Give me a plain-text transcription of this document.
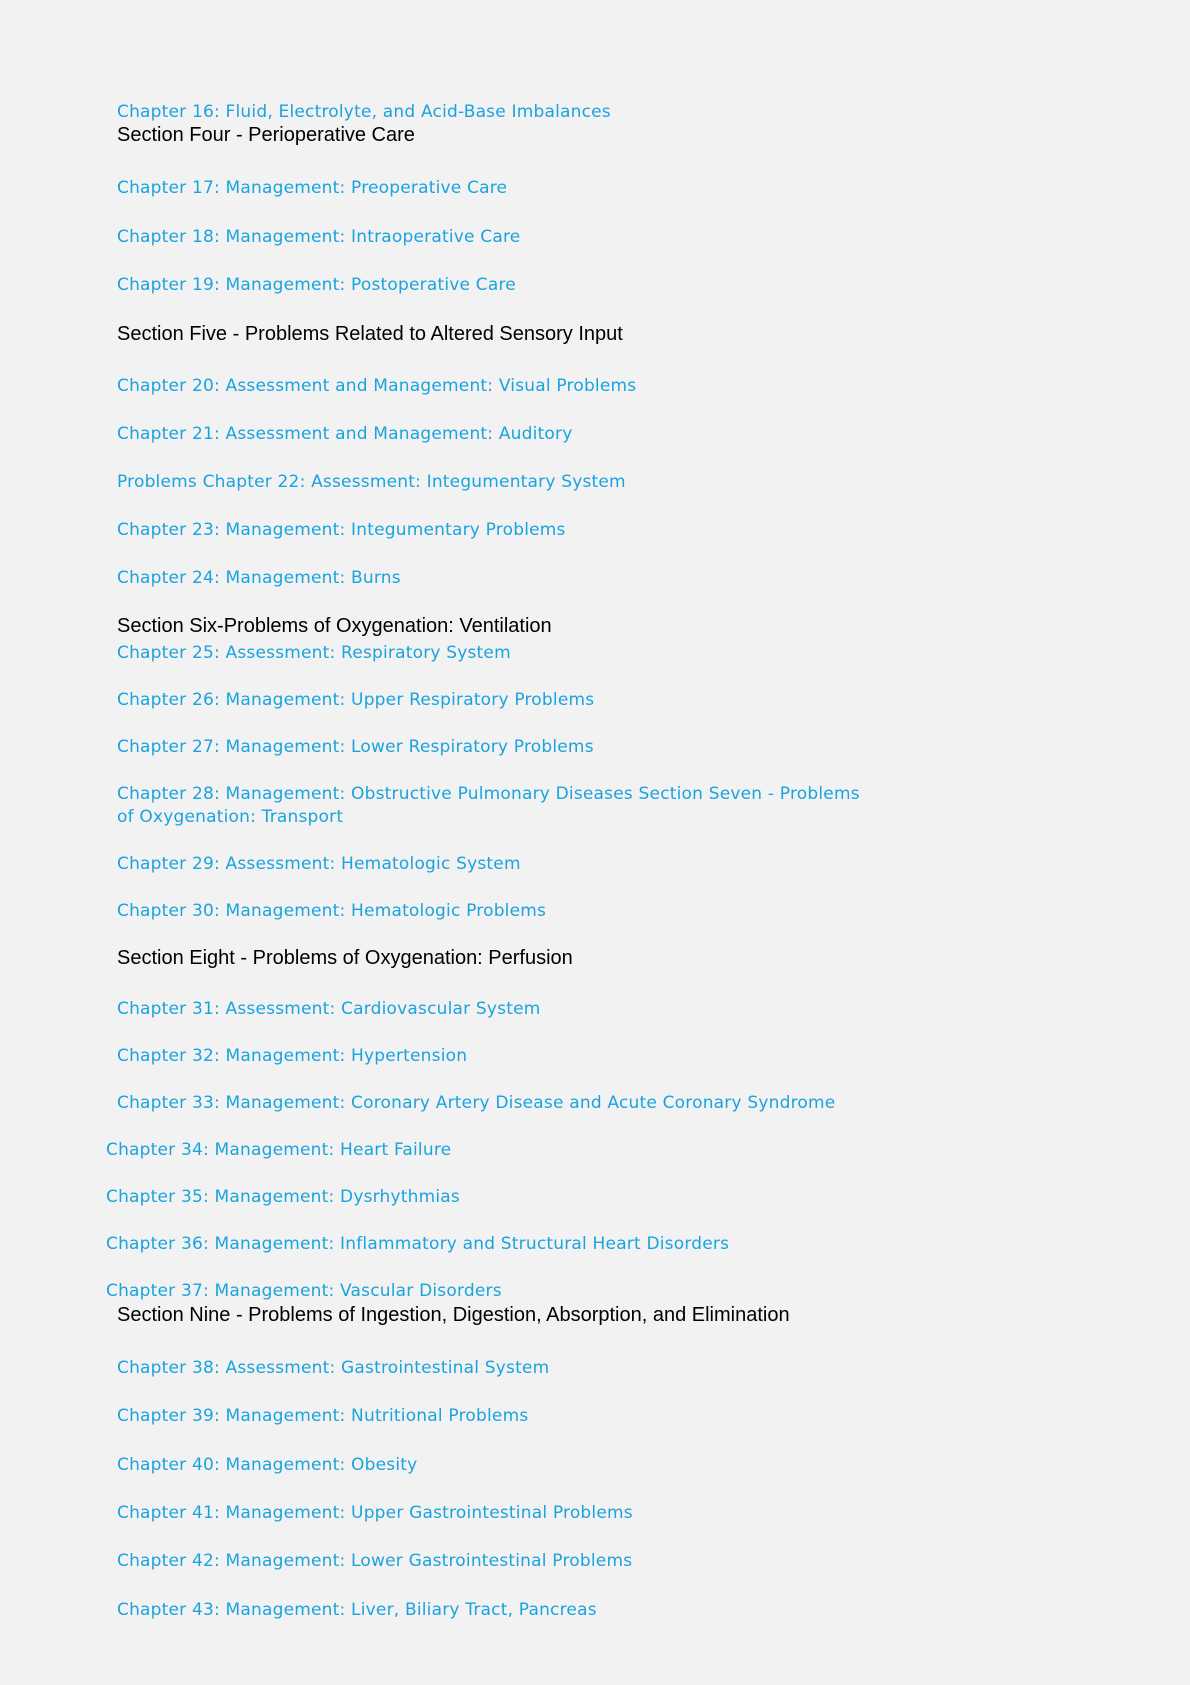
Chapter 16: Fluid, Electrolyte, and Acid-Base Imbalances
Section Four - Perioperative Care
Chapter 17: Management: Preoperative Care
Chapter 18: Management: Intraoperative Care
Chapter 19: Management: Postoperative Care
Section Five - Problems Related to Altered Sensory Input
Chapter 20: Assessment and Management: Visual Problems
Chapter 21: Assessment and Management: Auditory
Problems Chapter 22: Assessment: Integumentary System
Chapter 23: Management: Integumentary Problems
Chapter 24: Management: Burns
Section Six-Problems of Oxygenation: Ventilation
Chapter 25: Assessment: Respiratory System
Chapter 26: Management: Upper Respiratory Problems
Chapter 27: Management: Lower Respiratory Problems
Chapter 28: Management: Obstructive Pulmonary Diseases Section Seven - Problems
of Oxygenation: Transport
Chapter 29: Assessment: Hematologic System
Chapter 30: Management: Hematologic Problems
Section Eight - Problems of Oxygenation: Perfusion
Chapter 31: Assessment: Cardiovascular System
Chapter 32: Management: Hypertension
Chapter 33: Management: Coronary Artery Disease and Acute Coronary Syndrome
Chapter 34: Management: Heart Failure
Chapter 35: Management: Dysrhythmias
Chapter 36: Management: Inflammatory and Structural Heart Disorders
Chapter 37: Management: Vascular Disorders
Section Nine - Problems of Ingestion, Digestion, Absorption, and Elimination
Chapter 38: Assessment: Gastrointestinal System
Chapter 39: Management: Nutritional Problems
Chapter 40: Management: Obesity
Chapter 41: Management: Upper Gastrointestinal Problems
Chapter 42: Management: Lower Gastrointestinal Problems
Chapter 43: Management: Liver, Biliary Tract, Pancreas
